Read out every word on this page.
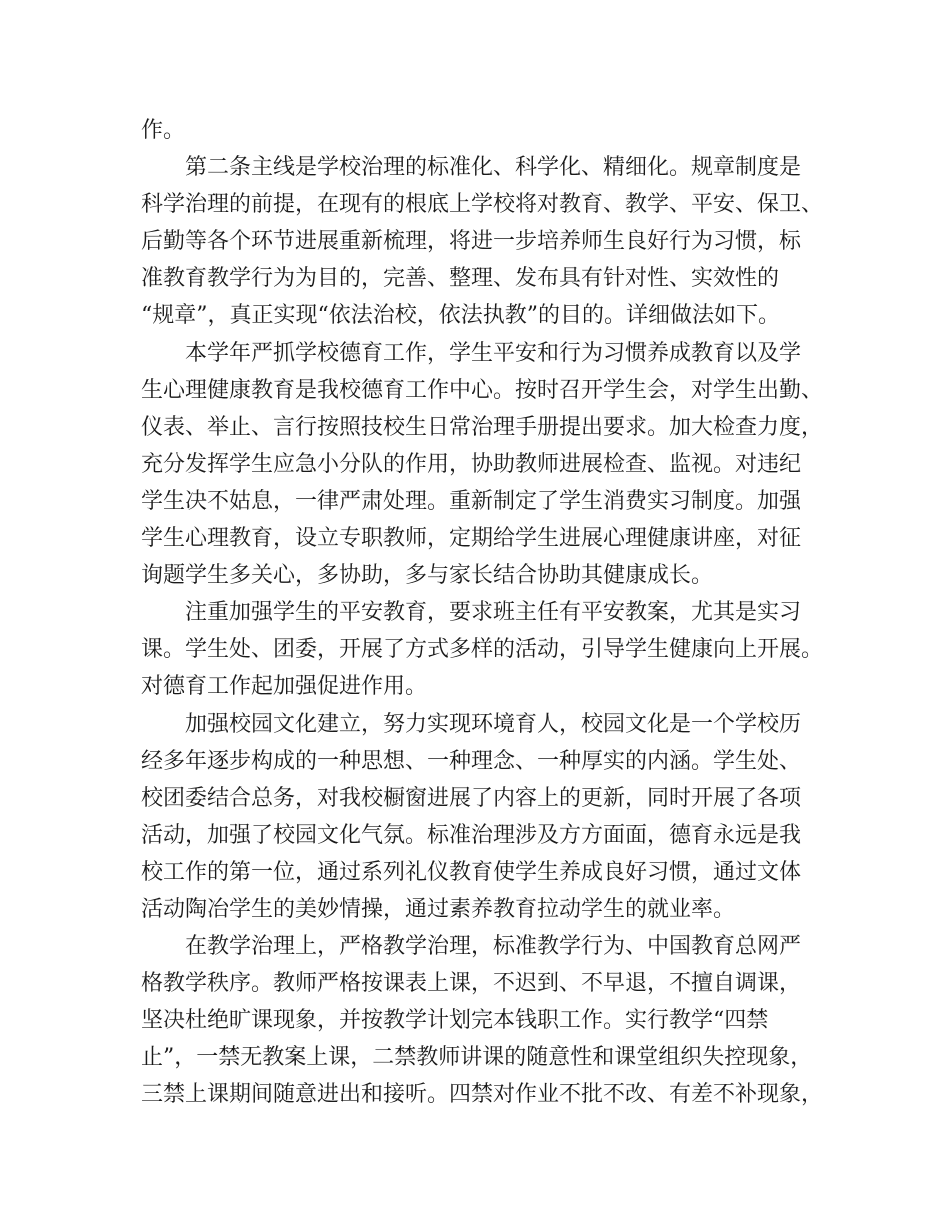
作。
第二条主线是学校治理的标准化、科学化、精细化。规章制度是
科学治理的前提，在现有的根底上学校将对教育、教学、平安、保卫、
后勤等各个环节进展重新梳理，将进一步培养师生良好行为习惯，标
准教育教学行为为目的，完善、整理、发布具有针对性、实效性的
“规章”，真正实现“依法治校，依法执教”的目的。详细做法如下。
本学年严抓学校德育工作，学生平安和行为习惯养成教育以及学
生心理健康教育是我校德育工作中心。按时召开学生会，对学生出勤、
仪表、举止、言行按照技校生日常治理手册提出要求。加大检查力度，
充分发挥学生应急小分队的作用，协助教师进展检查、监视。对违纪
学生决不姑息，一律严肃处理。重新制定了学生消费实习制度。加强
学生心理教育，设立专职教师，定期给学生进展心理健康讲座，对征
询题学生多关心，多协助，多与家长结合协助其健康成长。
注重加强学生的平安教育，要求班主任有平安教案，尤其是实习
课。学生处、团委，开展了方式多样的活动，引导学生健康向上开展。
对德育工作起加强促进作用。
加强校园文化建立，努力实现环境育人，校园文化是一个学校历
经多年逐步构成的一种思想、一种理念、一种厚实的内涵。学生处、
校团委结合总务，对我校橱窗进展了内容上的更新，同时开展了各项
活动，加强了校园文化气氛。标准治理涉及方方面面，德育永远是我
校工作的第一位，通过系列礼仪教育使学生养成良好习惯，通过文体
活动陶冶学生的美妙情操，通过素养教育拉动学生的就业率。
在教学治理上，严格教学治理，标准教学行为、中国教育总网严
格教学秩序。教师严格按课表上课，不迟到、不早退，不擅自调课，
坚决杜绝旷课现象，并按教学计划完本钱职工作。实行教学“四禁
止”，一禁无教案上课，二禁教师讲课的随意性和课堂组织失控现象，
三禁上课期间随意进出和接听。四禁对作业不批不改、有差不补现象，
